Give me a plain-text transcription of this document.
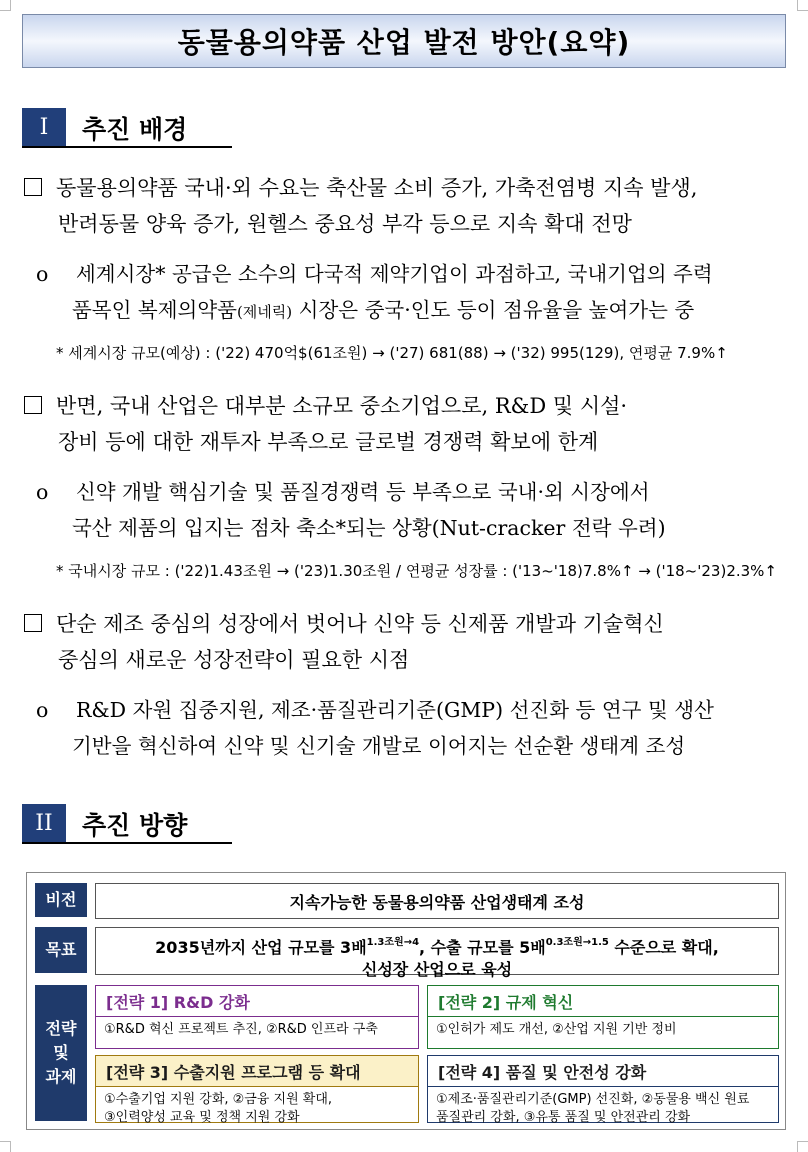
동물용의약품 산업 발전 방안(요약)
I	추진 배경
동물용의약품 국내·외 수요는 축산물 소비 증가, 가축전염병 지속 발생,
반려동물 양육 증가, 원헬스 중요성 부각 등으로 지속 확대 전망
o 세계시장* 공급은 소수의 다국적 제약기업이 과점하고, 국내기업의 주력
품목인 복제의약품(제네릭) 시장은 중국·인도 등이 점유율을 높여가는 중
* 세계시장 규모(예상) : ('22) 470억$(61조원) → ('27) 681(88) → ('32) 995(129), 연평균 7.9%↑
반면, 국내 산업은 대부분 소규모 중소기업으로, R&D 및 시설·
장비 등에 대한 재투자 부족으로 글로벌 경쟁력 확보에 한계
o 신약 개발 핵심기술 및 품질경쟁력 등 부족으로 국내·외 시장에서
국산 제품의 입지는 점차 축소*되는 상황(Nut-cracker 전락 우려)
* 국내시장 규모 : ('22)1.43조원 → ('23)1.30조원 / 연평균 성장률 : ('13~'18)7.8%↑ → ('18~'23)2.3%↑
단순 제조 중심의 성장에서 벗어나 신약 등 신제품 개발과 기술혁신
중심의 새로운 성장전략이 필요한 시점
o R&D 자원 집중지원, 제조·품질관리기준(GMP) 선진화 등 연구 및 생산
기반을 혁신하여 신약 및 신기술 개발로 이어지는 선순환 생태계 조성
II	추진 방향
비전	지속가능한 동물용의약품 산업생태계 조성
목표	2035년까지 산업 규모를 3배$^{1.3조원\to 4}$, 수출 규모를 5배$^{0.3조원\to 1.5}$ 수준으로 확대,
신성장 산업으로 육성
전략
및
과제
[전략 1] R&D 강화
①R&D 혁신 프로젝트 추진, ②R&D 인프라 구축
[전략 2] 규제 혁신
①인허가 제도 개선, ②산업 지원 기반 정비
[전략 3] 수출지원 프로그램 등 확대
①수출기업 지원 강화, ②금융 지원 확대,
③인력양성 교육 및 정책 지원 강화
[전략 4] 품질 및 안전성 강화
①제조·품질관리기준(GMP) 선진화, ②동물용 백신 원료
품질관리 강화, ③유통 품질 및 안전관리 강화
